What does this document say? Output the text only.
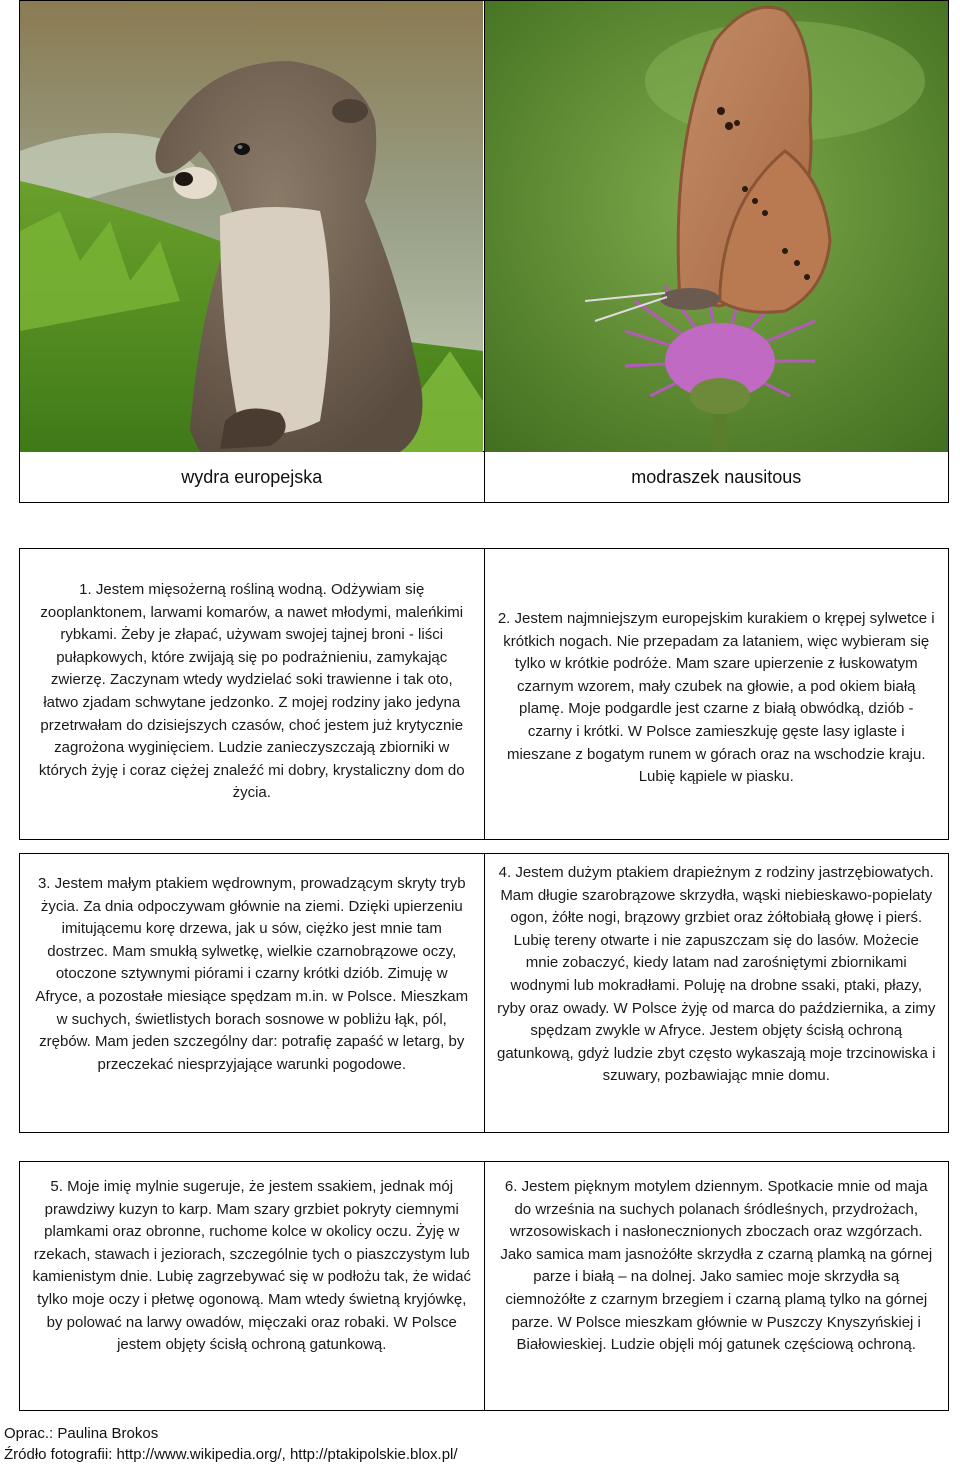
wydra europejska	modraszek nausitous
1. Jestem mięsożerną rośliną wodną. Odżywiam się zooplanktonem, larwami komarów, a nawet młodymi, maleńkimi rybkami. Żeby je złapać, używam swojej tajnej broni - liści pułapkowych, które zwijają się po podrażnieniu, zamykając zwierzę. Zaczynam wtedy wydzielać soki trawienne i tak oto, łatwo zjadam schwytane jedzonko. Z mojej rodziny jako jedyna przetrwałam do dzisiejszych czasów, choć jestem już krytycznie zagrożona wyginięciem. Ludzie zanieczyszczają zbiorniki w których żyję i coraz ciężej znaleźć mi dobry, krystaliczny dom do życia.
2. Jestem najmniejszym europejskim kurakiem o krępej sylwetce i krótkich nogach. Nie przepadam za lataniem, więc wybieram się tylko w krótkie podróże. Mam szare upierzenie z łuskowatym czarnym wzorem, mały czubek na głowie, a pod okiem białą plamę. Moje podgardle jest czarne z białą obwódką, dziób - czarny i krótki. W Polsce zamieszkuję gęste lasy iglaste i mieszane z bogatym runem w górach oraz na wschodzie kraju. Lubię kąpiele w piasku.
3. Jestem małym ptakiem wędrownym, prowadzącym skryty tryb życia. Za dnia odpoczywam głównie na ziemi. Dzięki upierzeniu imitującemu korę drzewa, jak u sów, ciężko jest mnie tam dostrzec. Mam smukłą sylwetkę, wielkie czarnobrązowe oczy, otoczone sztywnymi piórami i czarny krótki dziób. Zimuję w Afryce, a pozostałe miesiące spędzam m.in. w Polsce. Mieszkam w suchych, świetlistych borach sosnowe w pobliżu łąk, pól, zrębów. Mam jeden szczególny dar: potrafię zapaść w letarg, by przeczekać niesprzyjające warunki pogodowe.
4. Jestem dużym ptakiem drapieżnym z rodziny jastrzębiowatych. Mam długie szarobrązowe skrzydła, wąski niebieskawo-popielaty ogon, żółte nogi, brązowy grzbiet oraz żółtobiałą głowę i pierś. Lubię tereny otwarte i nie zapuszczam się do lasów. Możecie mnie zobaczyć, kiedy latam nad zarośniętymi zbiornikami wodnymi lub mokradłami. Poluję na drobne ssaki, ptaki, płazy, ryby oraz owady. W Polsce żyję od marca do października, a zimy spędzam zwykle w Afryce. Jestem objęty ścisłą ochroną gatunkową, gdyż ludzie zbyt często wykaszają moje trzcinowiska i szuwary, pozbawiając mnie domu.
5. Moje imię mylnie sugeruje, że jestem ssakiem, jednak mój prawdziwy kuzyn to karp. Mam szary grzbiet pokryty ciemnymi plamkami oraz obronne, ruchome kolce w okolicy oczu. Żyję w rzekach, stawach i jeziorach, szczególnie tych o piaszczystym lub kamienistym dnie. Lubię zagrzebywać się w podłożu tak, że widać tylko moje oczy i płetwę ogonową. Mam wtedy świetną kryjówkę, by polować na larwy owadów, mięczaki oraz robaki. W Polsce jestem objęty ścisłą ochroną gatunkową.
6. Jestem pięknym motylem dziennym. Spotkacie mnie od maja do września na suchych polanach śródleśnych, przydrożach, wrzosowiskach i nasłonecznionych zboczach oraz wzgórzach. Jako samica mam jasnożółte skrzydła z czarną plamką na górnej parze i białą – na dolnej. Jako samiec moje skrzydła są ciemnożółte z czarnym brzegiem i czarną plamą tylko na górnej parze. W Polsce mieszkam głównie w Puszczy Knyszyńskiej i Białowieskiej. Ludzie objęli mój gatunek częściową ochroną.
Oprac.: Paulina Brokos
Źródło fotografii: http://www.wikipedia.org/, http://ptakipolskie.blox.pl/
